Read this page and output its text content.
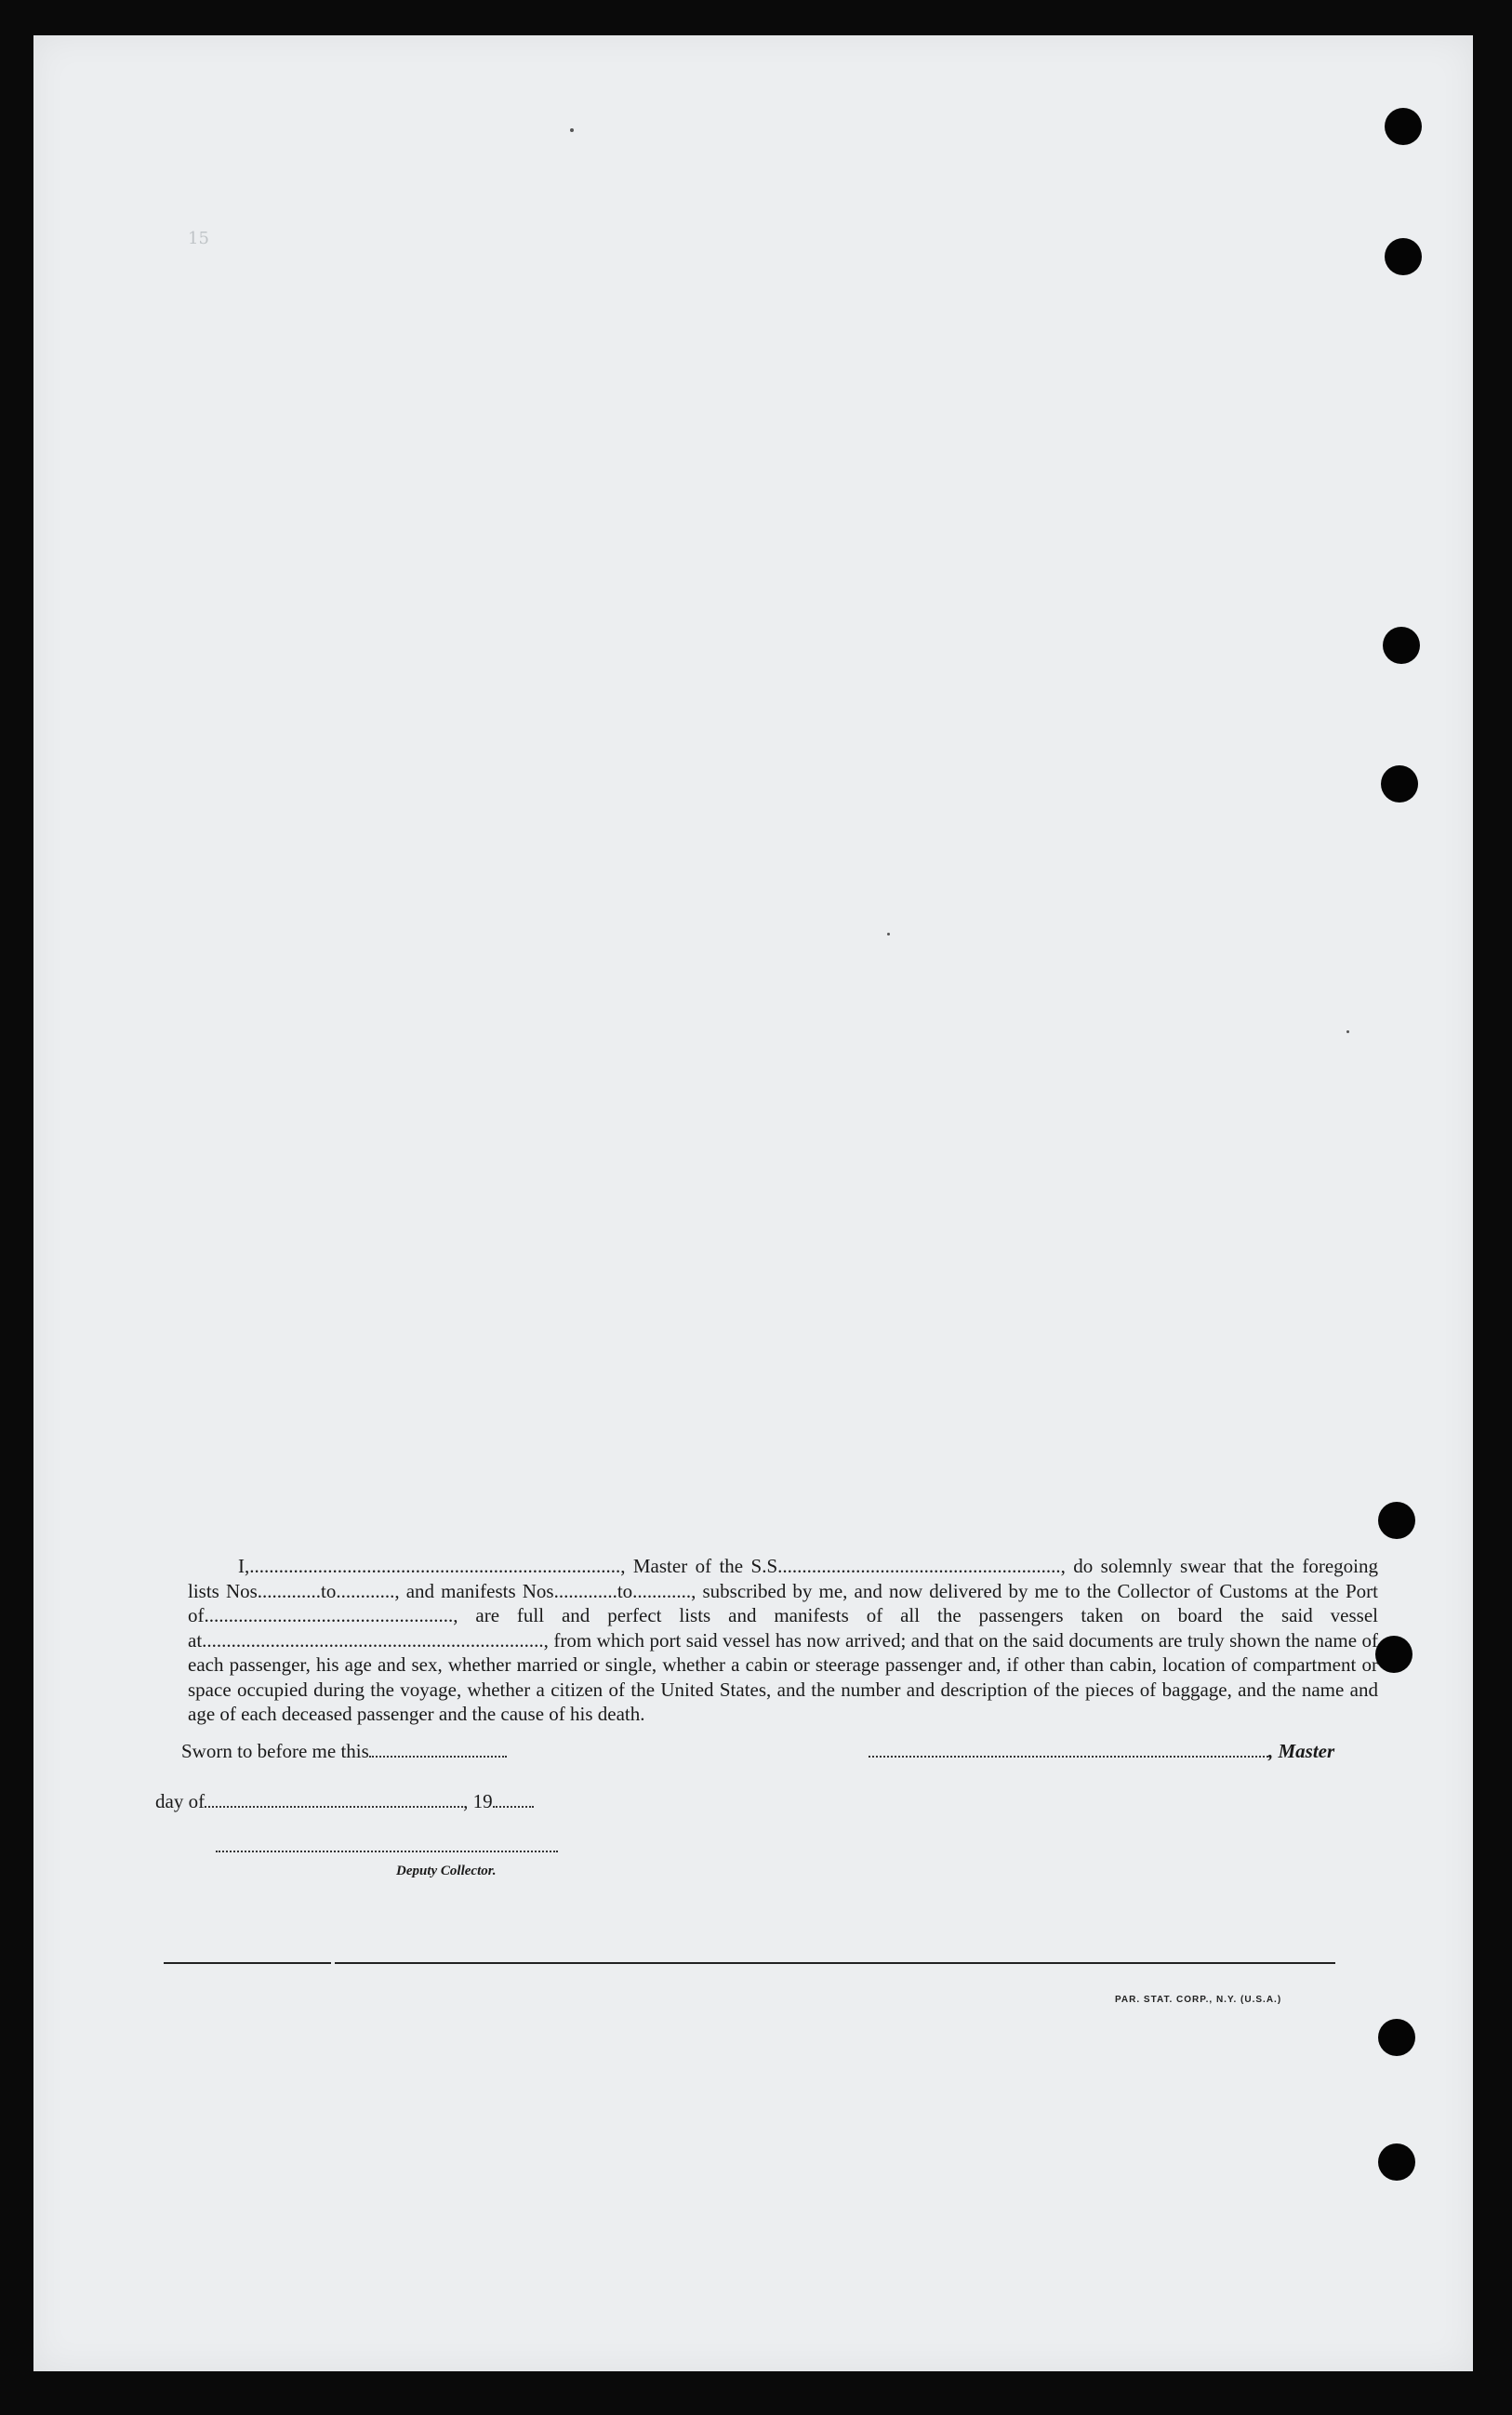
15
I,............................................................................, Master of the S.S.........................................................., do solemnly swear that the foregoing lists Nos.............to............, and manifests Nos.............to............, subscribed by me, and now delivered by me to the Collector of Customs at the Port of..................................................., are full and perfect lists and manifests of all the passengers taken on board the said vessel at......................................................................, from which port said vessel has now arrived; and that on the said documents are truly shown the name of each passenger, his age and sex, whether married or single, whether a cabin or steerage passenger and, if other than cabin, location of compartment or space occupied during the voyage, whether a citizen of the United States, and the number and description of the pieces of baggage, and the name and age of each deceased passenger and the cause of his death.
Sworn to before me this	, Master
day of	, 19
Deputy Collector.
PAR. STAT. CORP., N.Y. (U.S.A.)
